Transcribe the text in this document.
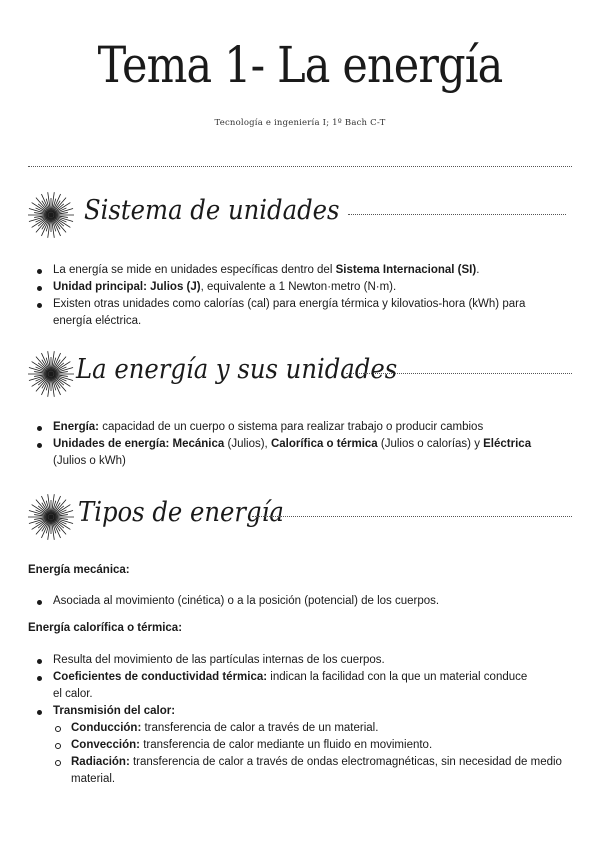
Tema 1- La energía
Tecnología e ingeniería I; 1º Bach C-T
Sistema de unidades
La energía se mide en unidades específicas dentro del Sistema Internacional (SI).
Unidad principal: Julios (J), equivalente a 1 Newton·metro (N·m).
Existen otras unidades como calorías (cal) para energía térmica y kilovatios-hora (kWh) para energía eléctrica.
La energía y sus unidades
Energía: capacidad de un cuerpo o sistema para realizar trabajo o producir cambios
Unidades de energía: Mecánica (Julios), Calorífica o térmica (Julios o calorías) y Eléctrica (Julios o kWh)
Tipos de energía
Energía mecánica:
Asociada al movimiento (cinética) o a la posición (potencial) de los cuerpos.
Energía calorífica o térmica:
Resulta del movimiento de las partículas internas de los cuerpos.
Coeficientes de conductividad térmica: indican la facilidad con la que un material conduce el calor.
Transmisión del calor:
Conducción: transferencia de calor a través de un material.
Convección: transferencia de calor mediante un fluido en movimiento.
Radiación: transferencia de calor a través de ondas electromagnéticas, sin necesidad de medio material.
